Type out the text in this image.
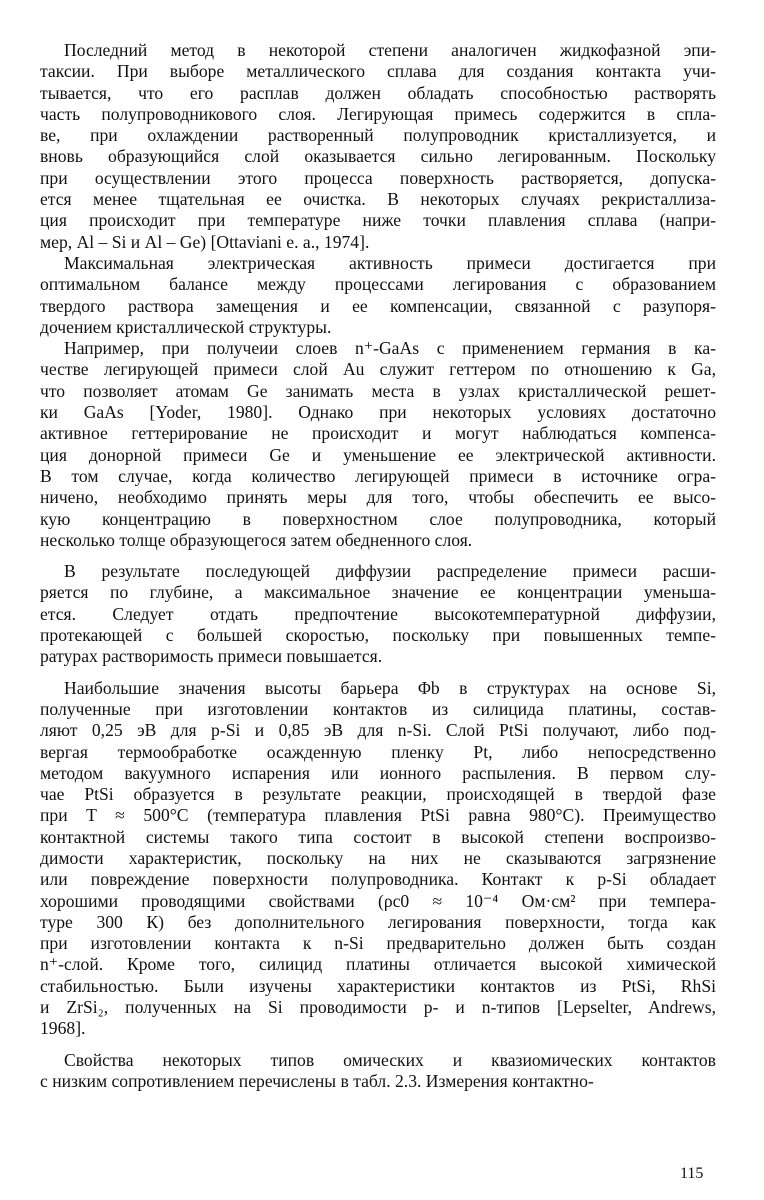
Последний метод в некоторой степени аналогичен жидкофазной эпи-
таксии. При выборе металлического сплава для создания контакта учи-
тывается, что его расплав должен обладать способностью растворять
часть полупроводникового слоя. Легирующая примесь содержится в спла-
ве, при охлаждении растворенный полупроводник кристаллизуется, и
вновь образующийся слой оказывается сильно легированным. Поскольку
при осуществлении этого процесса поверхность растворяется, допуска-
ется менее тщательная ее очистка. В некоторых случаях рекристаллиза-
ция происходит при температуре ниже точки плавления сплава (напри-
мер, Al – Si и Al – Ge) [Ottaviani e. a., 1974].
Максимальная электрическая активность примеси достигается при
оптимальном балансе между процессами легирования с образованием
твердого раствора замещения и ее компенсации, связанной с разупоря-
дочением кристаллической структуры.
Например, при получеии слоев n⁺-GaAs с применением германия в ка-
честве легирующей примеси слой Au служит геттером по отношению к Ga,
что позволяет атомам Ge занимать места в узлах кристаллической решет-
ки GaAs [Yoder, 1980]. Однако при некоторых условиях достаточно
активное геттерирование не происходит и могут наблюдаться компенса-
ция донорной примеси Ge и уменьшение ее электрической активности.
В том случае, когда количество легирующей примеси в источнике огра-
ничено, необходимо принять меры для того, чтобы обеспечить ее высо-
кую концентрацию в поверхностном слое полупроводника, который
несколько толще образующегося затем обедненного слоя.
В результате последующей диффузии распределение примеси расши-
ряется по глубине, а максимальное значение ее концентрации уменьша-
ется. Следует отдать предпочтение высокотемпературной диффузии,
протекающей с большей скоростью, поскольку при повышенных темпе-
ратурах растворимость примеси повышается.
Наибольшие значения высоты барьера Φb в структурах на основе Si,
полученные при изготовлении контактов из силицида платины, состав-
ляют 0,25 эВ для p-Si и 0,85 эВ для n-Si. Слой PtSi получают, либо под-
вергая термообработке осажденную пленку Pt, либо непосредственно
методом вакуумного испарения или ионного распыления. В первом слу-
чае PtSi образуется в результате реакции, происходящей в твердой фазе
при T ≈ 500°C (температура плавления PtSi равна 980°C). Преимущество
контактной системы такого типа состоит в высокой степени воспроизво-
димости характеристик, поскольку на них не сказываются загрязнение
или повреждение поверхности полупроводника. Контакт к p-Si обладает
хорошими проводящими свойствами (ρc0 ≈ 10⁻⁴ Ом·см² при темпера-
туре 300 К) без дополнительного легирования поверхности, тогда как
при изготовлении контакта к n-Si предварительно должен быть создан
n⁺-слой. Кроме того, силицид платины отличается высокой химической
стабильностью. Были изучены характеристики контактов из PtSi, RhSi
и ZrSi₂, полученных на Si проводимости p- и n-типов [Lepselter, Andrews,
1968].
Свойства некоторых типов омических и квазиомических контактов
с низким сопротивлением перечислены в табл. 2.3. Измерения контактно-
115
